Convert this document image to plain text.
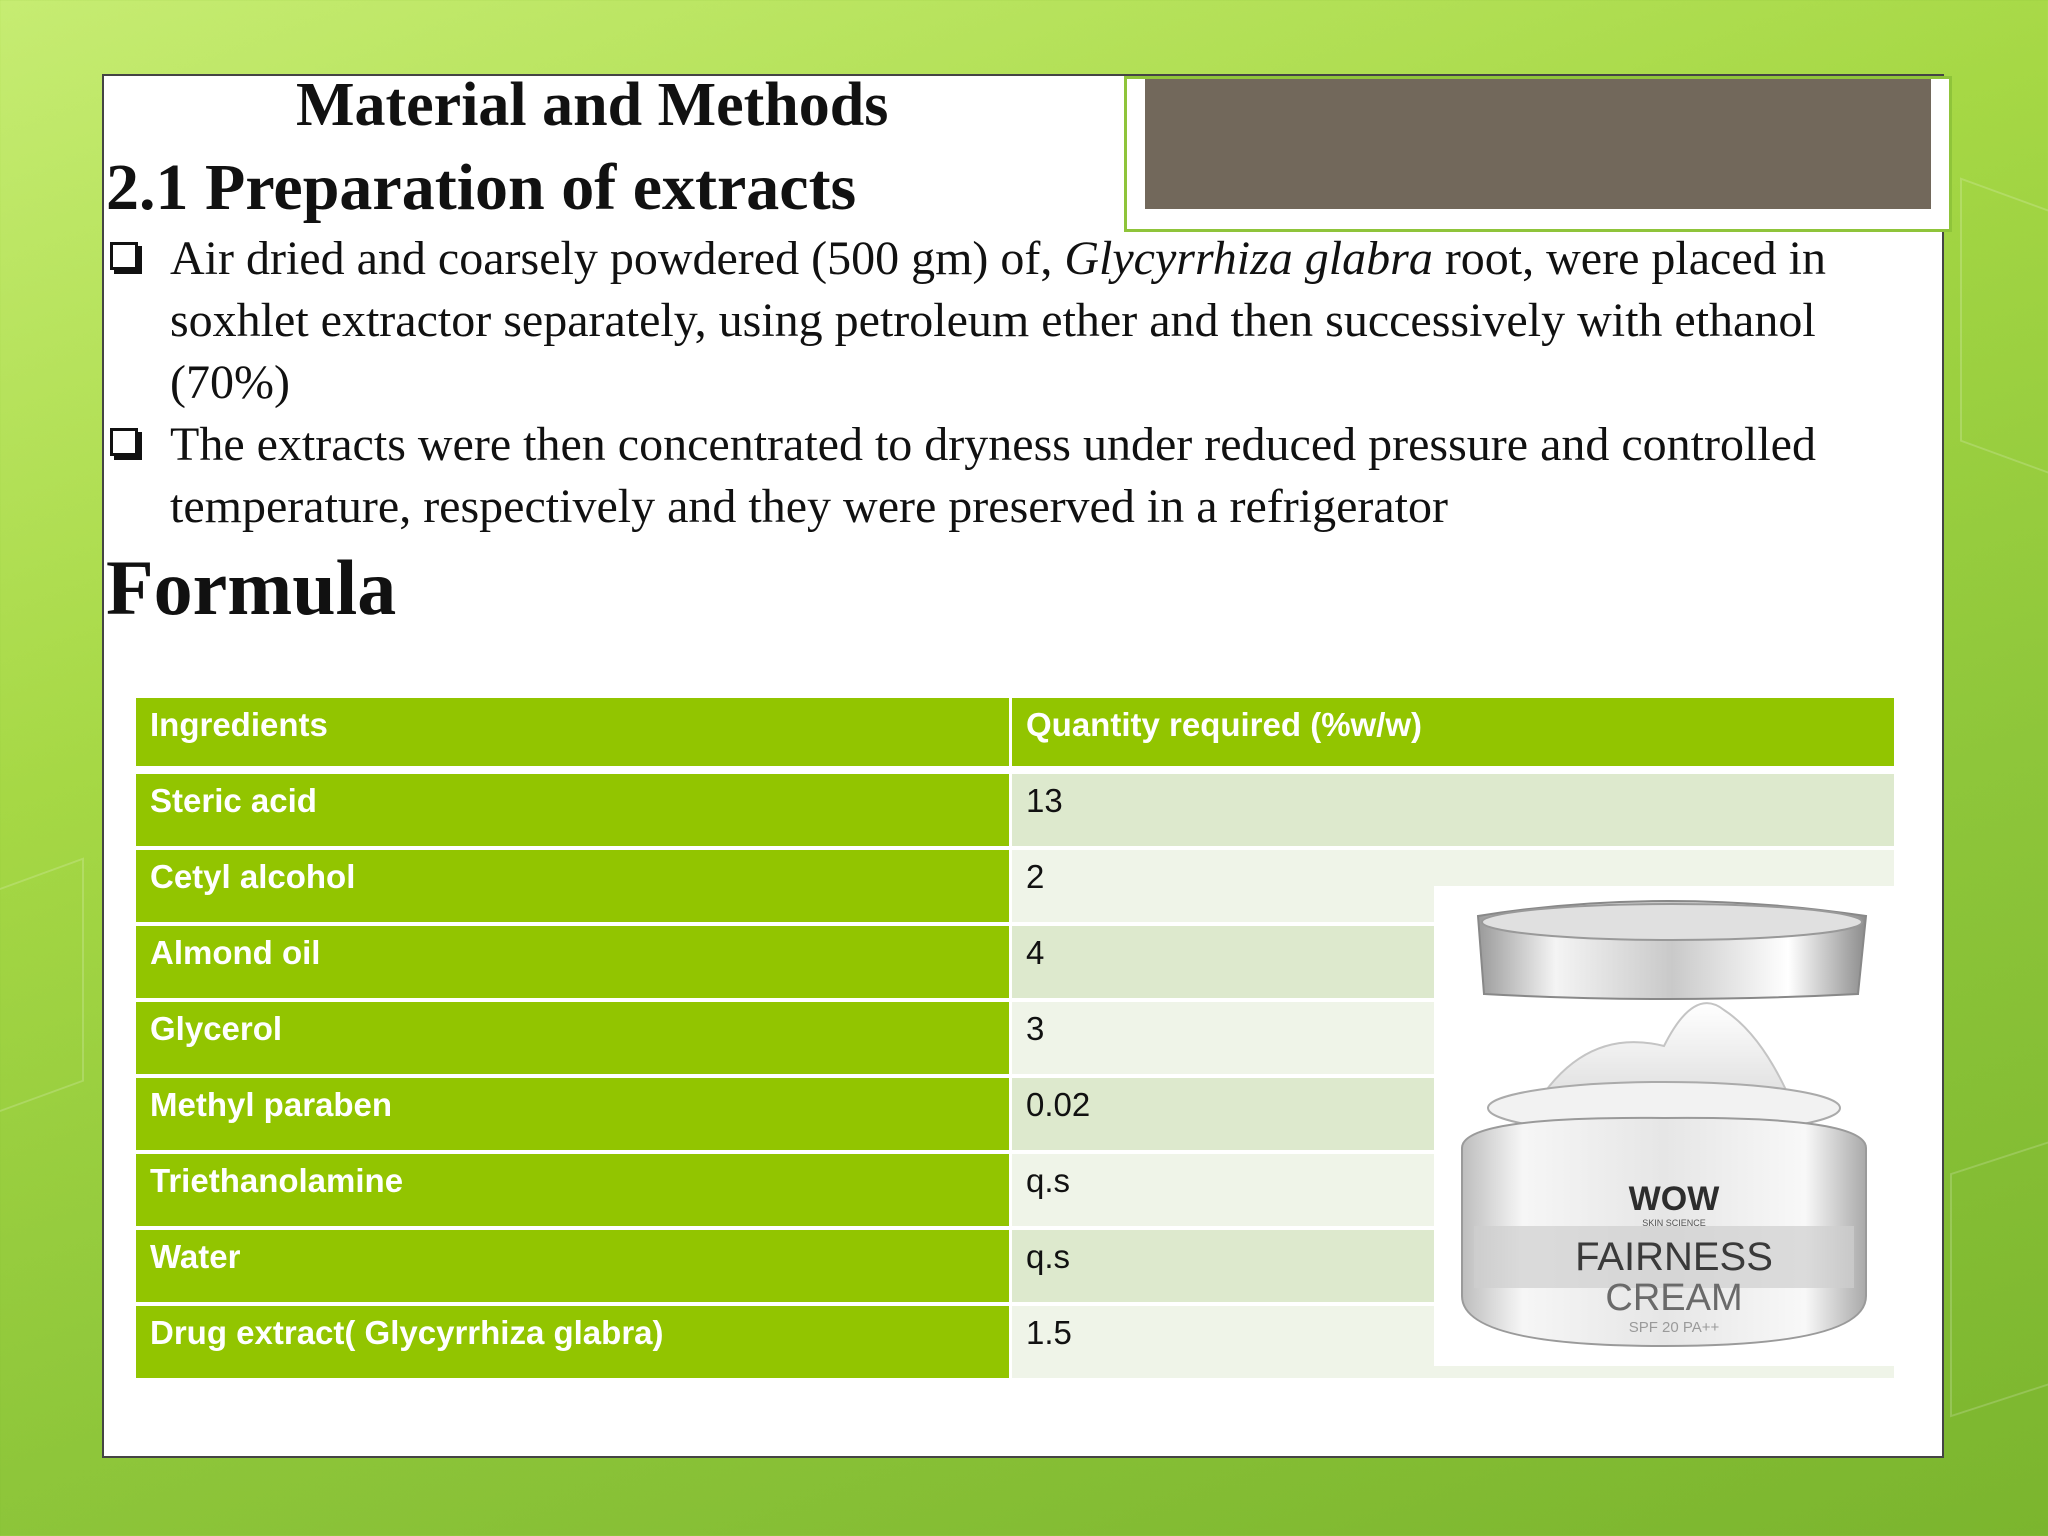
Material and Methods
2.1 Preparation of extracts
Air dried and coarsely powdered (500 gm) of, Glycyrrhiza glabra root, were placed in soxhlet extractor separately, using petroleum ether and then successively with ethanol (70%)
The extracts were then concentrated to dryness under reduced pressure and controlled temperature, respectively and they were preserved in a refrigerator
Formula
Ingredients	Quantity required (%w/w)
Steric acid	13
Cetyl alcohol	2
Almond oil	4
Glycerol	3
Methyl paraben	0.02
Triethanolamine	q.s
Water	q.s
Drug extract( Glycyrrhiza glabra)	1.5
WOW
SKIN SCIENCE
FAIRNESS
CREAM
SPF 20 PA++
